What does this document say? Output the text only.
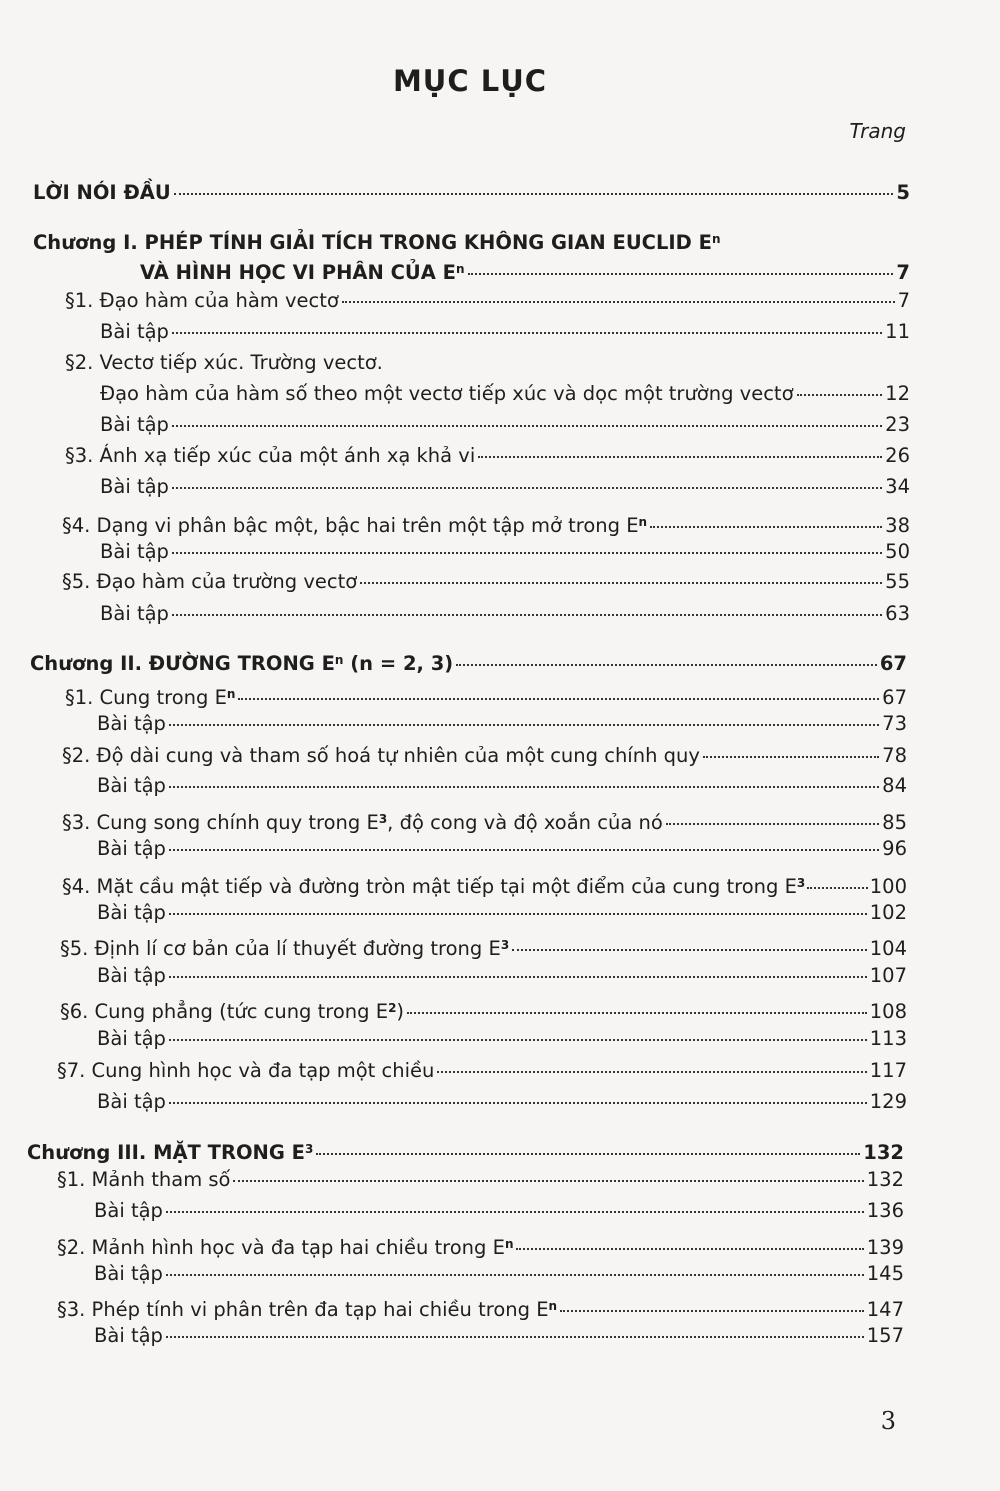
MỤC LỤC
Trang
LỜI NÓI ĐẦU	5
Chương I. PHÉP TÍNH GIẢI TÍCH TRONG KHÔNG GIAN EUCLID $E^n$
VÀ HÌNH HỌC VI PHÂN CỦA $E^n$	7
§1. Đạo hàm của hàm vectơ	7
Bài tập	11
§2. Vectơ tiếp xúc. Trường vectơ.
Đạo hàm của hàm số theo một vectơ tiếp xúc và dọc một trường vectơ	12
Bài tập	23
§3. Ánh xạ tiếp xúc của một ánh xạ khả vi	26
Bài tập	34
§4. Dạng vi phân bậc một, bậc hai trên một tập mở trong $E^n$	38
Bài tập	50
§5. Đạo hàm của trường vectơ	55
Bài tập	63
Chương II. ĐƯỜNG TRONG $E^n$ (n = 2, 3)	67
§1. Cung trong $E^n$	67
Bài tập	73
§2. Độ dài cung và tham số hoá tự nhiên của một cung chính quy	78
Bài tập	84
§3. Cung song chính quy trong $E^3$, độ cong và độ xoắn của nó	85
Bài tập	96
§4. Mặt cầu mật tiếp và đường tròn mật tiếp tại một điểm của cung trong $E^3$	100
Bài tập	102
§5. Định lí cơ bản của lí thuyết đường trong $E^3$	104
Bài tập	107
§6. Cung phẳng (tức cung trong $E^2$)	108
Bài tập	113
§7. Cung hình học và đa tạp một chiều	117
Bài tập	129
Chương III. MẶT TRONG $E^3$	132
§1. Mảnh tham số	132
Bài tập	136
§2. Mảnh hình học và đa tạp hai chiều trong $E^n$	139
Bài tập	145
§3. Phép tính vi phân trên đa tạp hai chiều trong $E^n$	147
Bài tập	157
3
